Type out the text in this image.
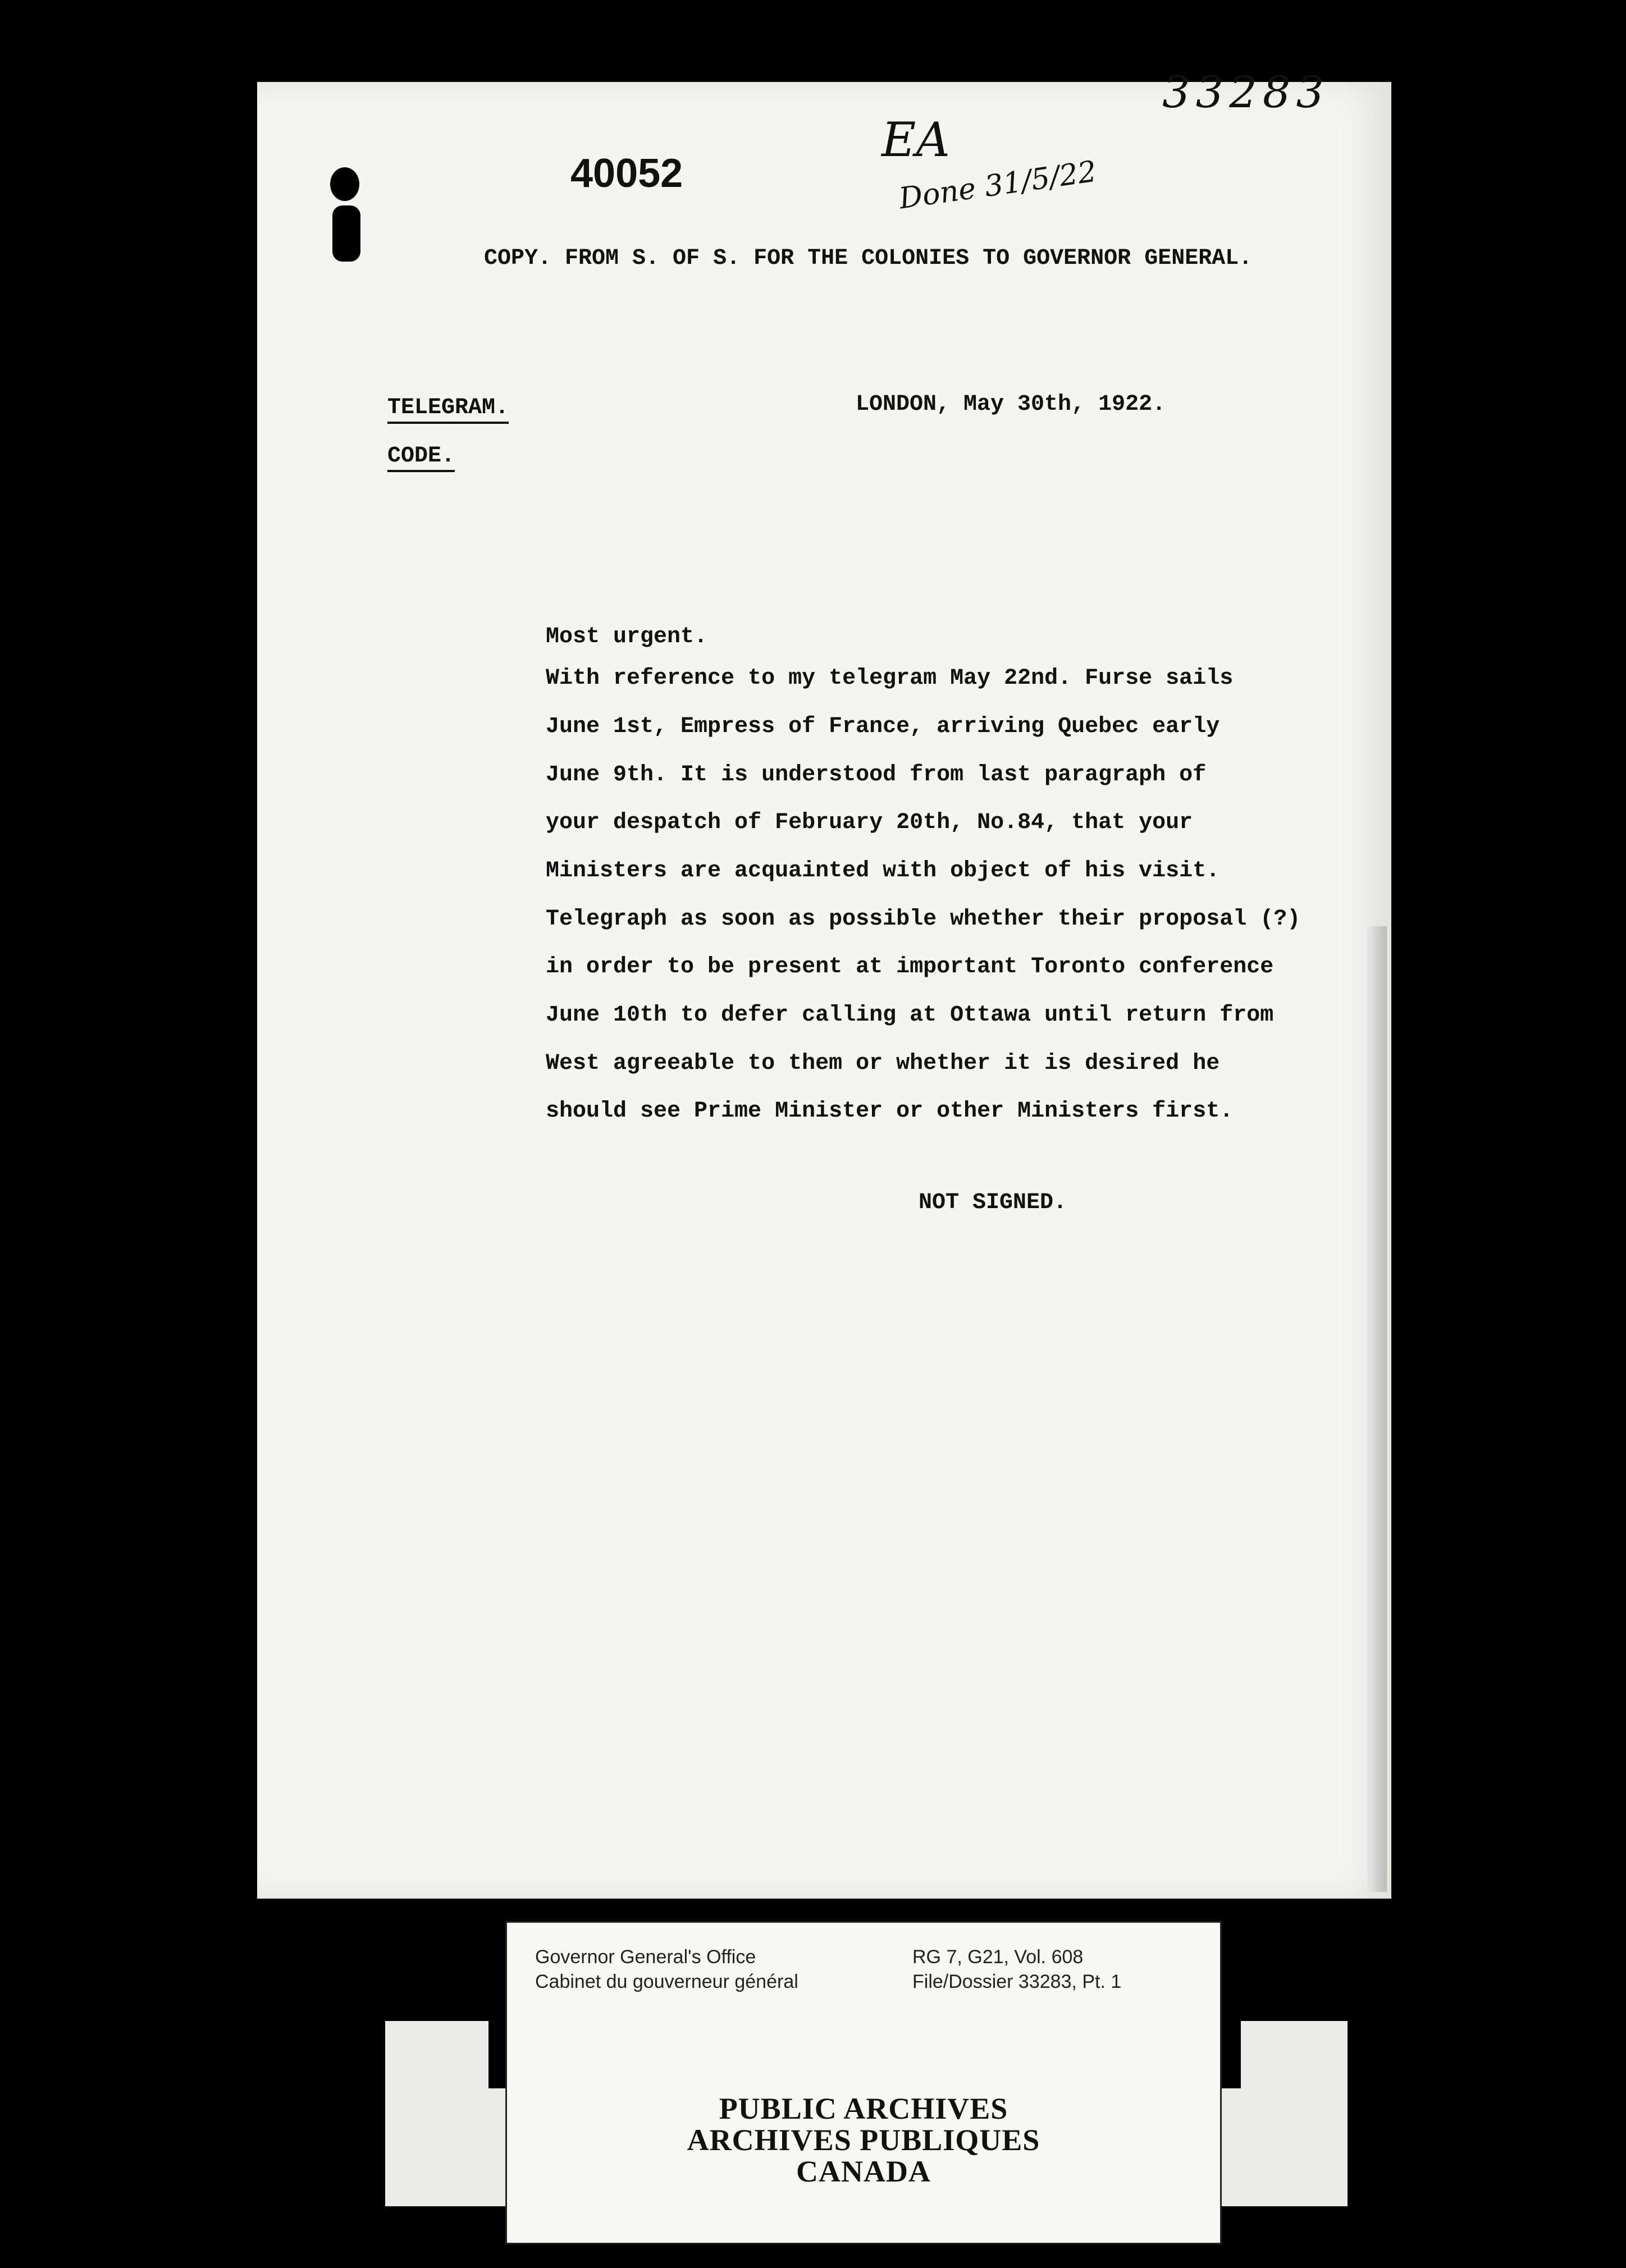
33283
EA
Done 31/5/22
40052
COPY. FROM S. OF S. FOR THE COLONIES TO GOVERNOR GENERAL.
TELEGRAM.
CODE.
LONDON, May 30th, 1922.
Most urgent.
With reference to my telegram May 22nd. Furse sails
June 1st, Empress of France, arriving Quebec early
June 9th. It is understood from last paragraph of
your despatch of February 20th, No.84, that your
Ministers are acquainted with object of his visit.
Telegraph as soon as possible whether their proposal (?)
in order to be present at important Toronto conference
June 10th to defer calling at Ottawa until return from
West agreeable to them or whether it is desired he
should see Prime Minister or other Ministers first.
NOT SIGNED.
Governor General's Office
Cabinet du gouverneur général
RG 7, G21, Vol. 608
File/Dossier 33283, Pt. 1
PUBLIC ARCHIVES
ARCHIVES PUBLIQUES
CANADA
